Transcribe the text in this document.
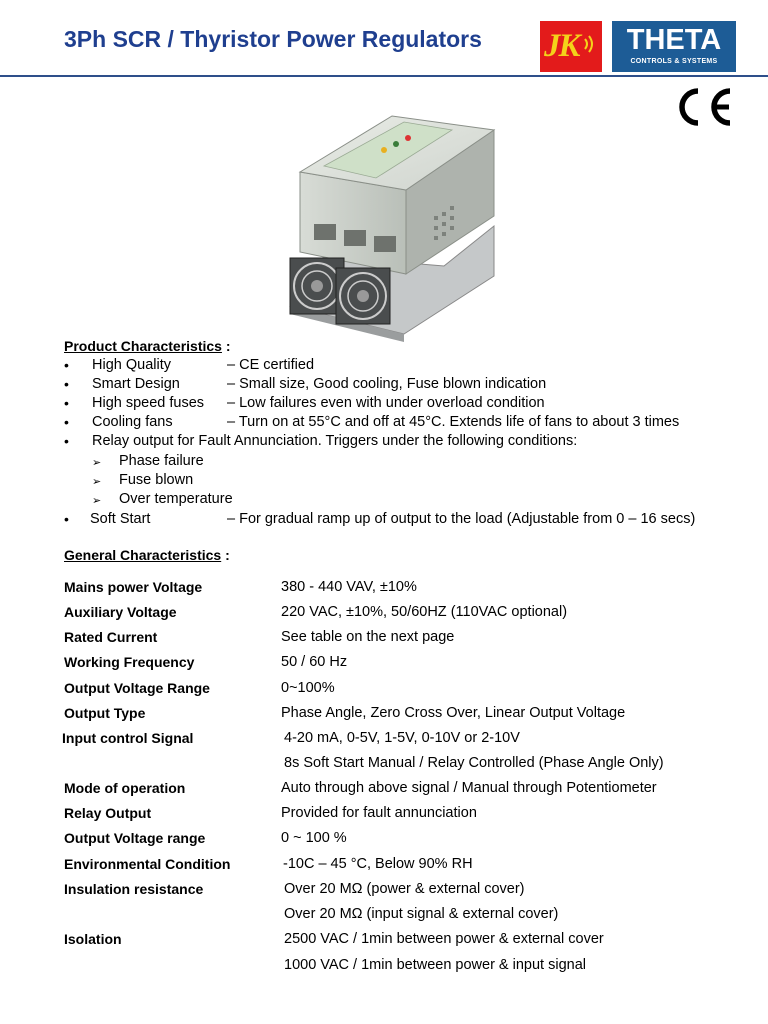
3Ph SCR / Thyristor Power Regulators JK	THETA
CONTROLS & SYSTEMS
Product Characteristics :
• High Quality	– CE certified
• Smart Design	– Small size, Good cooling, Fuse blown indication
• High speed fuses – Low failures even with under overload condition
• Cooling fans	– Turn on at 55°C and off at 45°C. Extends life of fans to about 3 times
• Relay output for Fault Annunciation. Triggers under the following conditions:
➢ Phase failure
➢ Fuse blown
➢ Over temperature
• Soft Start	– For gradual ramp up of output to the load (Adjustable from 0 – 16 secs)
General Characteristics :
Mains power Voltage	380 - 440 VAV, ±10%
Auxiliary Voltage	220 VAC, ±10%, 50/60HZ (110VAC optional)
Rated Current	See table on the next page
Working Frequency	50 / 60 Hz
Output Voltage Range	0~100%
Output Type	Phase Angle, Zero Cross Over, Linear Output Voltage
Input control Signal	4-20 mA, 0-5V, 1-5V, 0-10V or 2-10V
8s Soft Start Manual / Relay Controlled (Phase Angle Only)
Mode of operation	Auto through above signal / Manual through Potentiometer
Relay Output	Provided for fault annunciation
Output Voltage range	0 ~ 100 %
Environmental Condition	-10C – 45 °C, Below 90% RH
Insulation resistance	Over 20 MΩ (power & external cover)
Over 20 MΩ (input signal & external cover)
Isolation	2500 VAC / 1min between power & external cover
1000 VAC / 1min between power & input signal
